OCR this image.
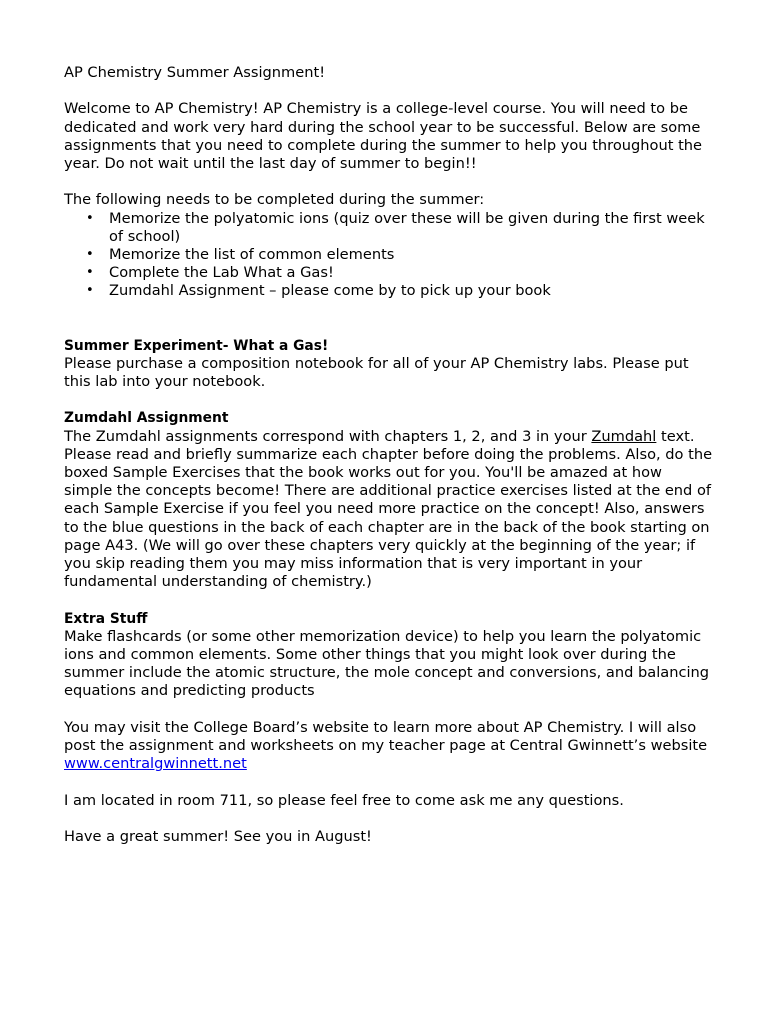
AP Chemistry Summer Assignment!

Welcome to AP Chemistry! AP Chemistry is a college-level course. You will need to be dedicated and work very hard during the school year to be successful. Below are some assignments that you need to complete during the summer to help you throughout the year. Do not wait until the last day of summer to begin!!

The following needs to be completed during the summer:

• Memorize the polyatomic ions (quiz over these will be given during the first week of school)
• Memorize the list of common elements
• Complete the Lab What a Gas!
• Zumdahl Assignment – please come by to pick up your book

Summer Experiment- What a Gas!

Please purchase a composition notebook for all of your AP Chemistry labs. Please put this lab into your notebook.

Zumdahl Assignment

The Zumdahl assignments correspond with chapters 1, 2, and 3 in your Zumdahl text. Please read and briefly summarize each chapter before doing the problems. Also, do the boxed Sample Exercises that the book works out for you. You'll be amazed at how simple the concepts become! There are additional practice exercises listed at the end of each Sample Exercise if you feel you need more practice on the concept! Also, answers to the blue questions in the back of each chapter are in the back of the book starting on page A43. (We will go over these chapters very quickly at the beginning of the year; if you skip reading them you may miss information that is very important in your fundamental understanding of chemistry.)

Extra Stuff

Make flashcards (or some other memorization device) to help you learn the polyatomic ions and common elements. Some other things that you might look over during the summer include the atomic structure, the mole concept and conversions, and balancing equations and predicting products

You may visit the College Board’s website to learn more about AP Chemistry. I will also post the assignment and worksheets on my teacher page at Central Gwinnett’s website

www.centralgwinnett.net

I am located in room 711, so please feel free to come ask me any questions.

Have a great summer! See you in August!
